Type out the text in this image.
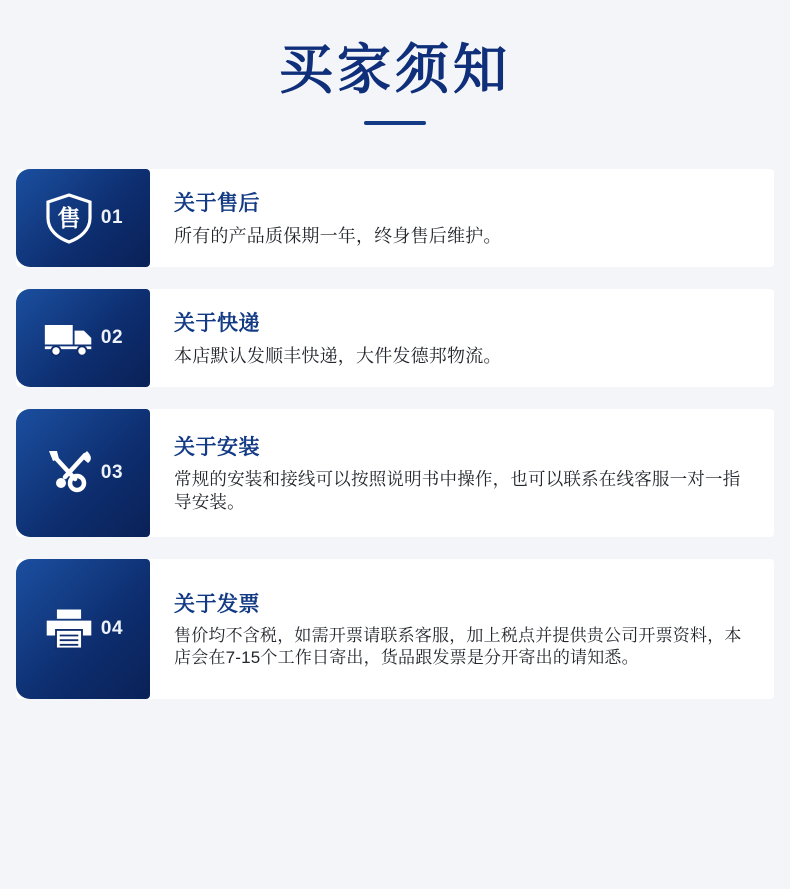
买家须知
售 01

关于售后

所有的产品质保期一年，终身售后维护。

02

关于快递

本店默认发顺丰快递，大件发德邦物流。

03

关于安装

常规的安装和接线可以按照说明书中操作，也可以联系在线客服一对一指导安装。

04

关于发票

售价均不含税，如需开票请联系客服，加上税点并提供贵公司开票资料，本店会在7-15个工作日寄出，货品跟发票是分开寄出的请知悉。
